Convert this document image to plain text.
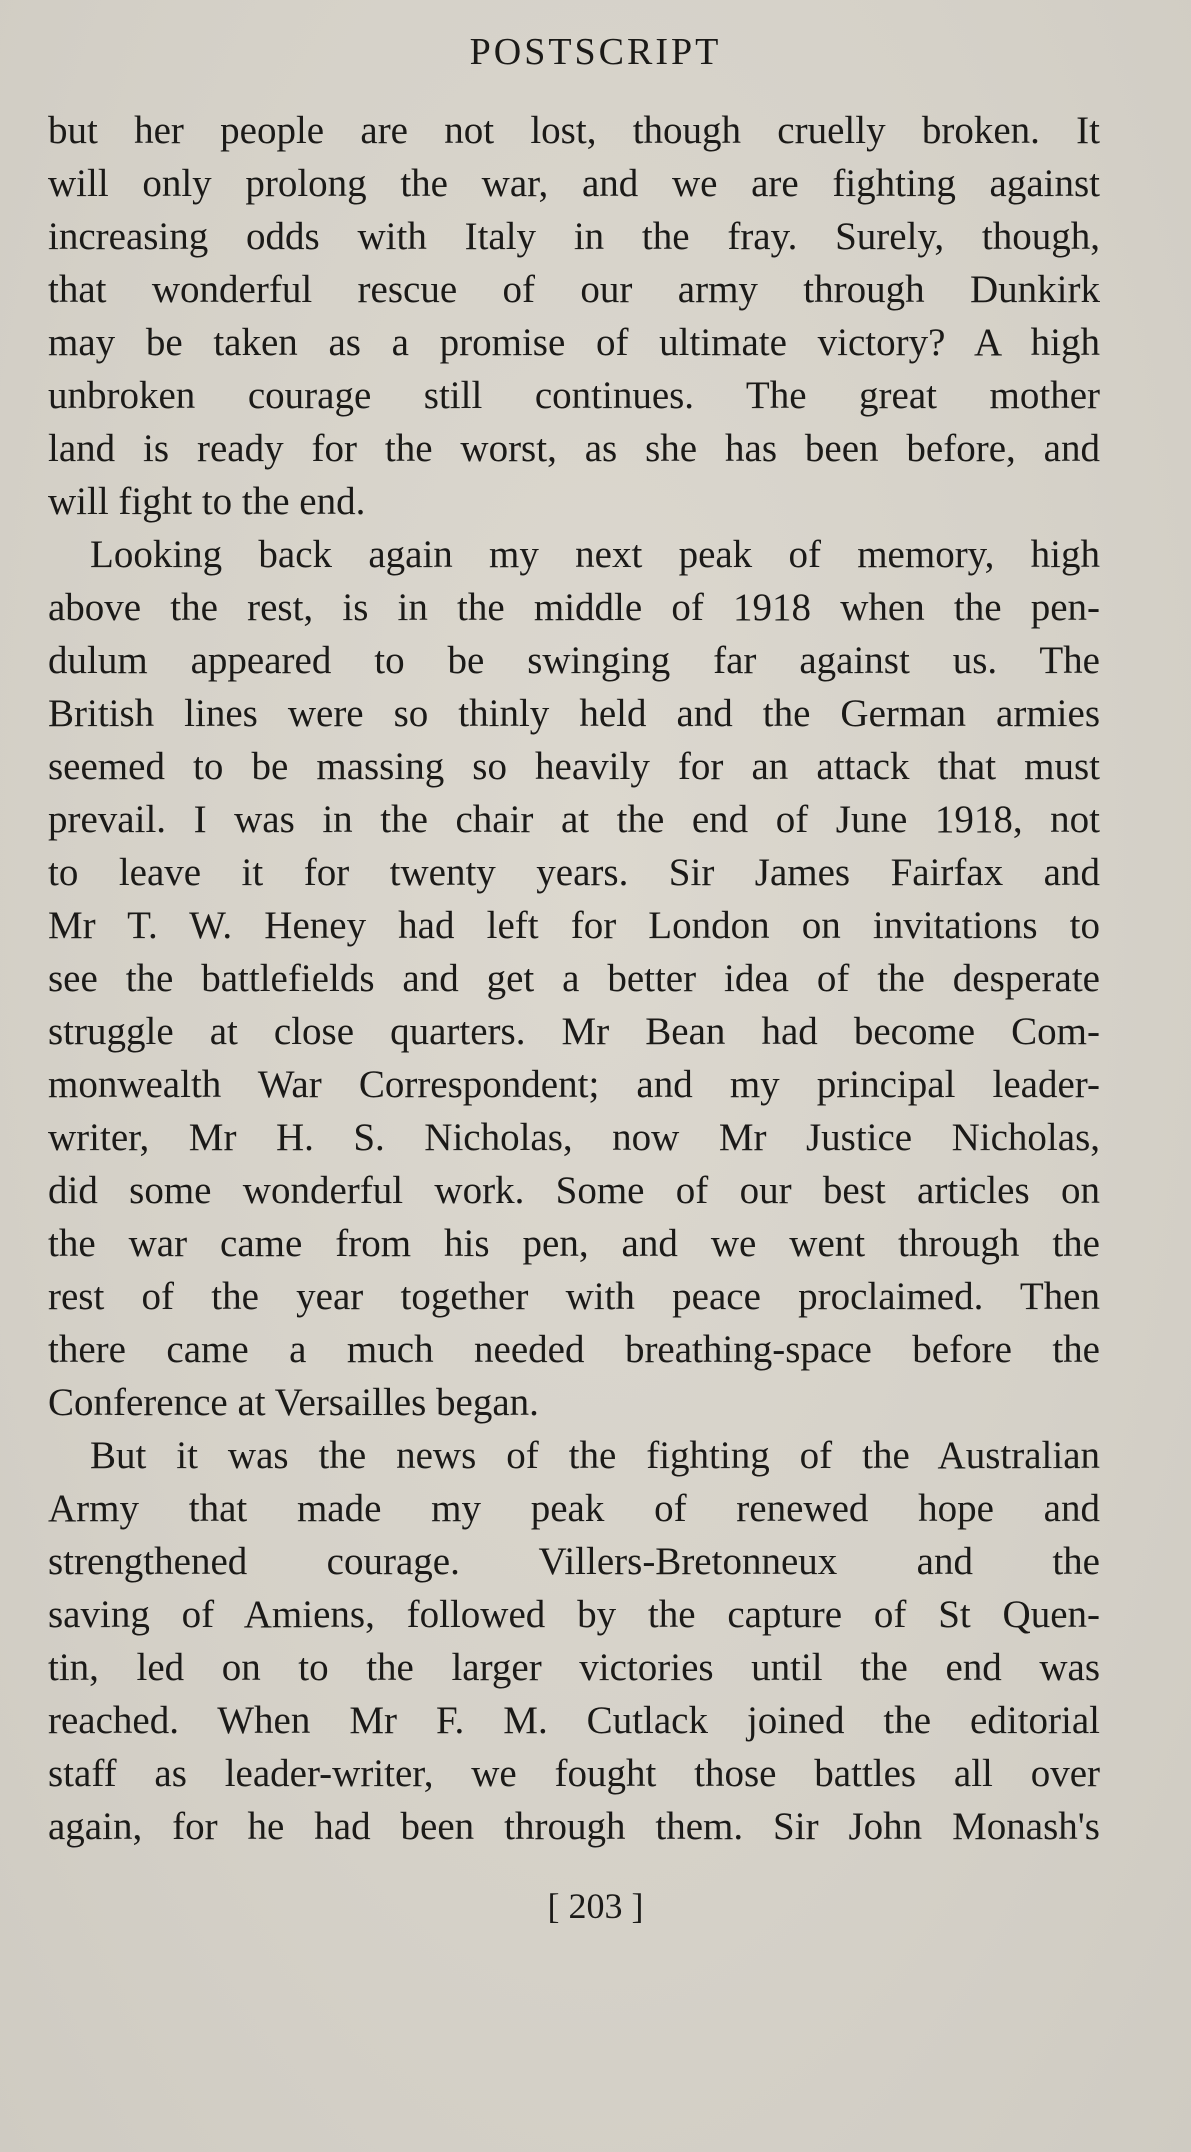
POSTSCRIPT
but her people are not lost, though cruelly broken. It
will only prolong the war, and we are fighting against
increasing odds with Italy in the fray. Surely, though,
that wonderful rescue of our army through Dunkirk
may be taken as a promise of ultimate victory? A high
unbroken courage still continues. The great mother
land is ready for the worst, as she has been before, and
will fight to the end.
Looking back again my next peak of memory, high
above the rest, is in the middle of 1918 when the pen-
dulum appeared to be swinging far against us. The
British lines were so thinly held and the German armies
seemed to be massing so heavily for an attack that must
prevail. I was in the chair at the end of June 1918, not
to leave it for twenty years. Sir James Fairfax and
Mr T. W. Heney had left for London on invitations to
see the battlefields and get a better idea of the desperate
struggle at close quarters. Mr Bean had become Com-
monwealth War Correspondent; and my principal leader-
writer, Mr H. S. Nicholas, now Mr Justice Nicholas,
did some wonderful work. Some of our best articles on
the war came from his pen, and we went through the
rest of the year together with peace proclaimed. Then
there came a much needed breathing-space before the
Conference at Versailles began.
But it was the news of the fighting of the Australian
Army that made my peak of renewed hope and
strengthened courage. Villers-Bretonneux and the
saving of Amiens, followed by the capture of St Quen-
tin, led on to the larger victories until the end was
reached. When Mr F. M. Cutlack joined the editorial
staff as leader-writer, we fought those battles all over
again, for he had been through them. Sir John Monash's
[ 203 ]
